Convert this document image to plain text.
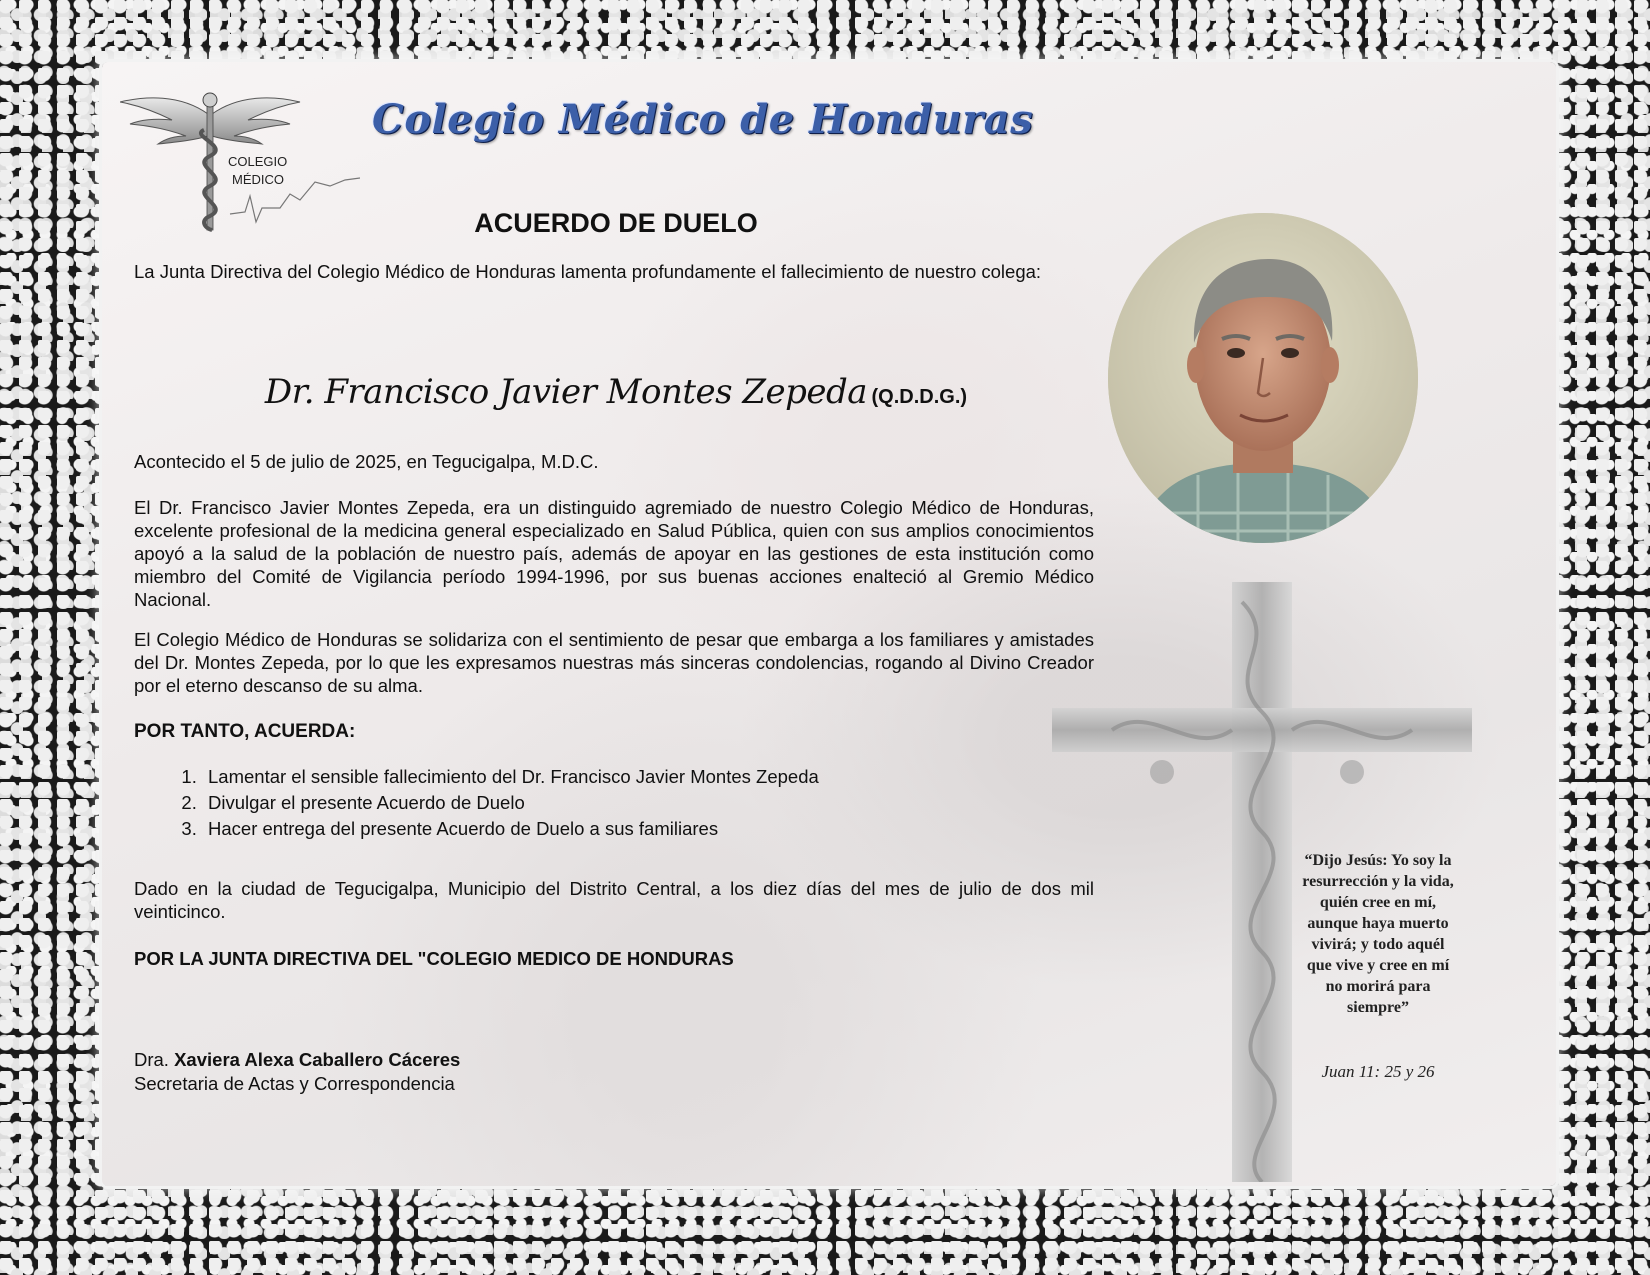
COLEGIO
MÉDICO
Colegio Médico de Honduras
ACUERDO DE DUELO

La Junta Directiva del Colegio Médico de Honduras lamenta profundamente el fallecimiento de nuestro colega:

Dr. Francisco Javier Montes Zepeda (Q.D.D.G.)

Acontecido el 5 de julio de 2025, en Tegucigalpa, M.D.C.

El Dr. Francisco Javier Montes Zepeda, era un distinguido agremiado de nuestro Colegio Médico de Honduras, excelente profesional de la medicina general especializado en Salud Pública, quien con sus amplios conocimientos apoyó a la salud de la población de nuestro país, además de apoyar en las gestiones de esta institución como miembro del Comité de Vigilancia período 1994-1996, por sus buenas acciones enalteció al Gremio Médico Nacional.

El Colegio Médico de Honduras se solidariza con el sentimiento de pesar que embarga a los familiares y amistades del Dr. Montes Zepeda, por lo que les expresamos nuestras más sinceras condolencias, rogando al Divino Creador por el eterno descanso de su alma.

POR TANTO, ACUERDA:
1. Lamentar el sensible fallecimiento del Dr. Francisco Javier Montes Zepeda
2. Divulgar el presente Acuerdo de Duelo
3. Hacer entrega del presente Acuerdo de Duelo a sus familiares

Dado en la ciudad de Tegucigalpa, Municipio del Distrito Central, a los diez días del mes de julio de dos mil veinticinco.

POR LA JUNTA DIRECTIVA DEL "COLEGIO MEDICO DE HONDURAS
Dra. Xaviera Alexa Caballero Cáceres
Secretaria de Actas y Correspondencia
“Dijo Jesús: Yo soy la resurrección y la vida, quién cree en mí, aunque haya muerto vivirá; y todo aquél que vive y cree en mí no morirá para siempre”
Juan 11: 25 y 26
